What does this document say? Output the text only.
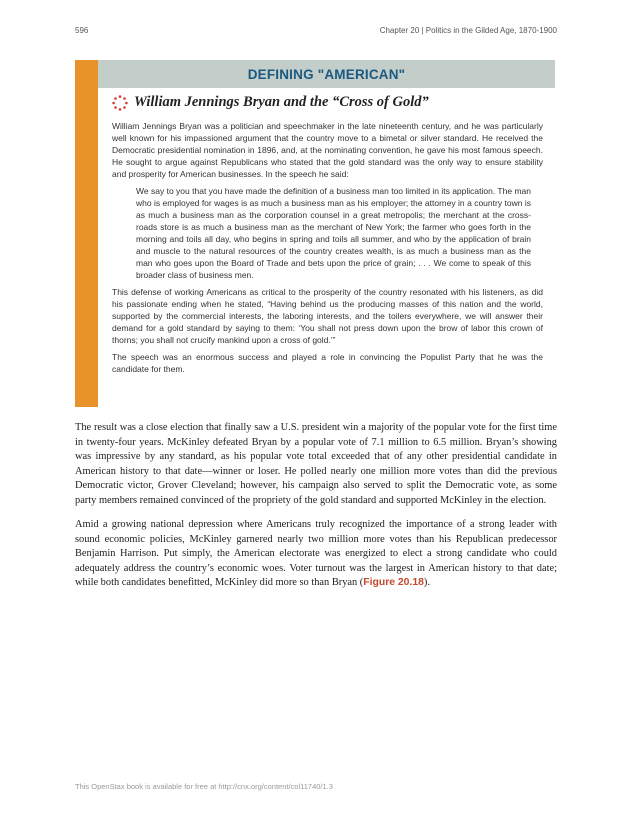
596	Chapter 20 | Politics in the Gilded Age, 1870-1900
DEFINING "AMERICAN"
William Jennings Bryan and the “Cross of Gold”

William Jennings Bryan was a politician and speechmaker in the late nineteenth century, and he was particularly well known for his impassioned argument that the country move to a bimetal or silver standard. He received the Democratic presidential nomination in 1896, and, at the nominating convention, he gave his most famous speech. He sought to argue against Republicans who stated that the gold standard was the only way to ensure stability and prosperity for American businesses. In the speech he said:

We say to you that you have made the definition of a business man too limited in its application. The man who is employed for wages is as much a business man as his employer; the attorney in a country town is as much a business man as the corporation counsel in a great metropolis; the merchant at the cross-roads store is as much a business man as the merchant of New York; the farmer who goes forth in the morning and toils all day, who begins in spring and toils all summer, and who by the application of brain and muscle to the natural resources of the country creates wealth, is as much a business man as the man who goes upon the Board of Trade and bets upon the price of grain; . . . We come to speak of this broader class of business men.

This defense of working Americans as critical to the prosperity of the country resonated with his listeners, as did his passionate ending when he stated, “Having behind us the producing masses of this nation and the world, supported by the commercial interests, the laboring interests, and the toilers everywhere, we will answer their demand for a gold standard by saying to them: ‘You shall not press down upon the brow of labor this crown of thorns; you shall not crucify mankind upon a cross of gold.’”

The speech was an enormous success and played a role in convincing the Populist Party that he was the candidate for them.

The result was a close election that finally saw a U.S. president win a majority of the popular vote for the first time in twenty-four years. McKinley defeated Bryan by a popular vote of 7.1 million to 6.5 million. Bryan’s showing was impressive by any standard, as his popular vote total exceeded that of any other presidential candidate in American history to that date—winner or loser. He polled nearly one million more votes than did the previous Democratic victor, Grover Cleveland; however, his campaign also served to split the Democratic vote, as some party members remained convinced of the propriety of the gold standard and supported McKinley in the election.

Amid a growing national depression where Americans truly recognized the importance of a strong leader with sound economic policies, McKinley garnered nearly two million more votes than his Republican predecessor Benjamin Harrison. Put simply, the American electorate was energized to elect a strong candidate who could adequately address the country’s economic woes. Voter turnout was the largest in American history to that date; while both candidates benefitted, McKinley did more so than Bryan (Figure 20.18).

This OpenStax book is available for free at http://cnx.org/content/col11740/1.3
